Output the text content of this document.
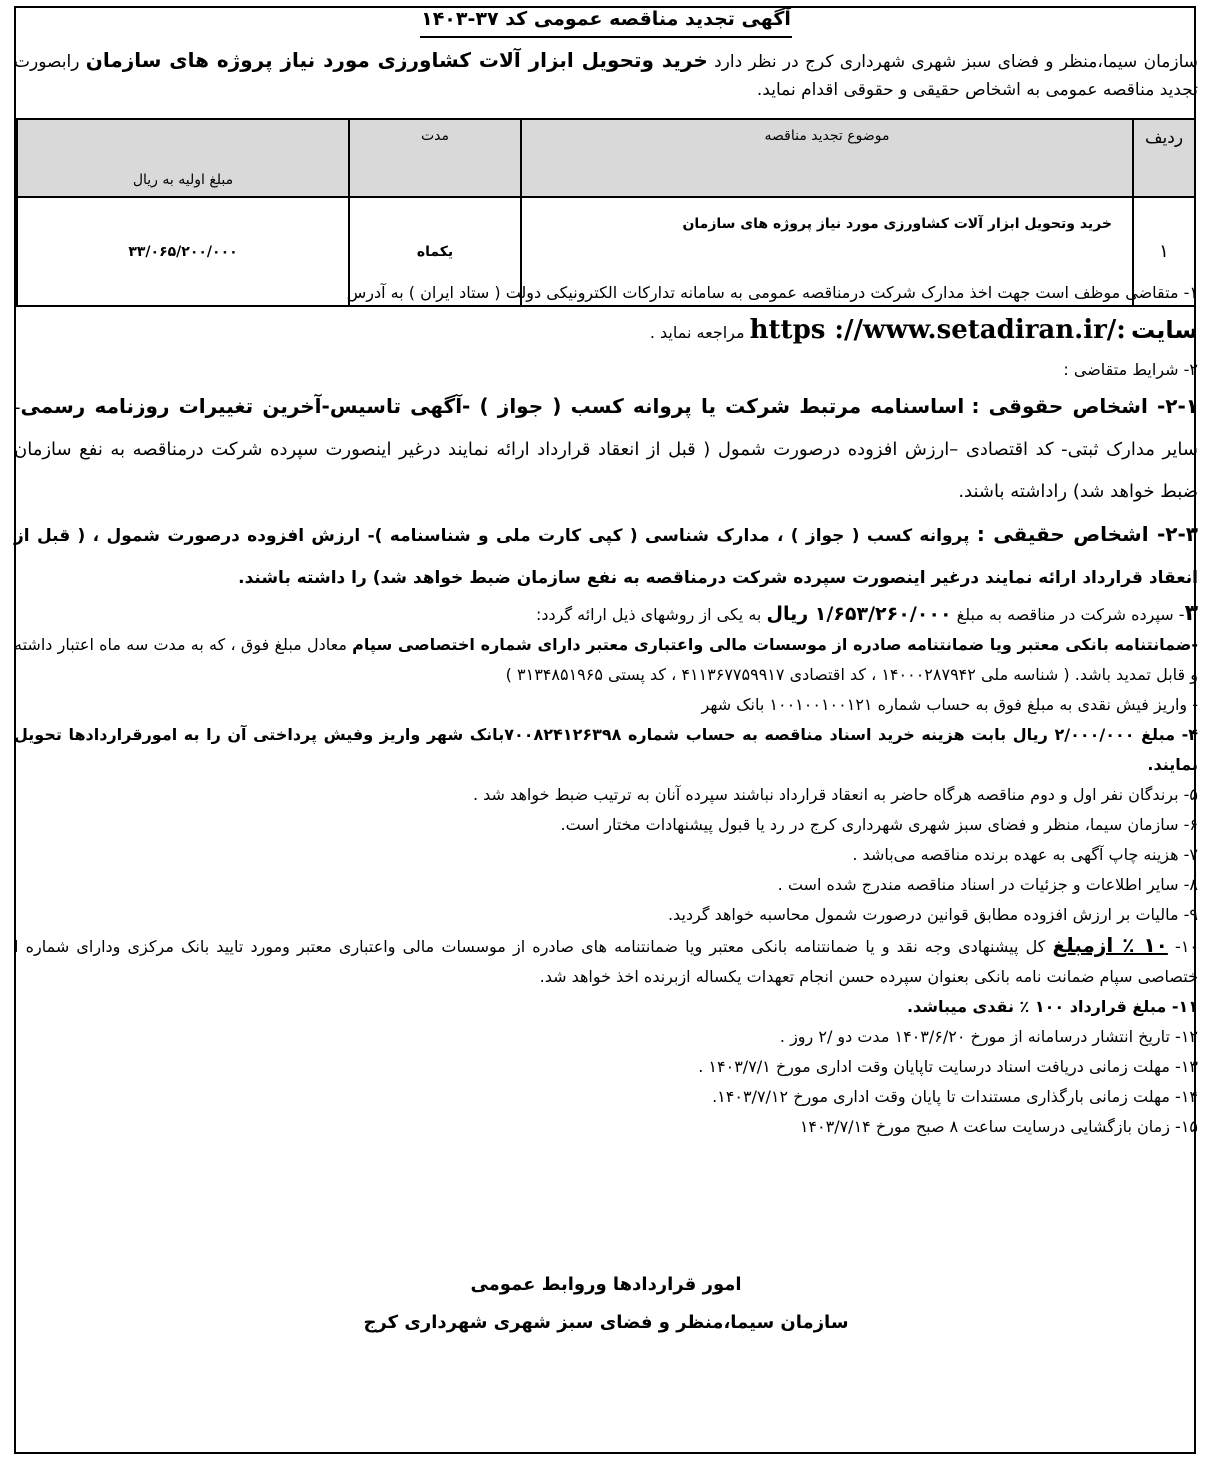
آگهی تجدید مناقصه عمومی کد ۳۷-۱۴۰۳
سازمان سیما،منظر و فضای سبز شهری شهرداری کرج در نظر دارد خرید وتحویل ابزار آلات کشاورزی مورد نیاز پروژه های سازمان رابصورت تجدید مناقصه عمومی به اشخاص حقیقی و حقوقی اقدام نماید.
ردیف	موضوع تجدید مناقصه	مدت	مبلغ اولیه به ریال
۱	خرید وتحویل ابزار آلات کشاورزی مورد نیاز پروژه های سازمان	یکماه	۳۳/۰۶۵/۲۰۰/۰۰۰

۱- متقاضی موظف است جهت اخذ مدارک شرکت درمناقصه عمومی به سامانه تدارکات الکترونیکی دولت ( ستاد ایران ) به آدرس

سایت https ://www.setadiran.ir/: مراجعه نماید .

۲- شرایط متقاضی :

۲-۱- اشخاص حقوقی : اساسنامه مرتبط شرکت یا پروانه کسب ( جواز ) -آگهی تاسیس-آخرین تغییرات روزنامه رسمی- سایر مدارک ثبتی- کد اقتصادی –ارزش افزوده درصورت شمول ( قبل از انعقاد قرارداد ارائه نمایند درغیر اینصورت سپرده شرکت درمناقصه به نفع سازمان ضبط خواهد شد) راداشته باشند.

۲-۳- اشخاص حقیقی : پروانه کسب ( جواز ) ، مدارک شناسی ( کپی کارت ملی و شناسنامه )- ارزش افزوده درصورت شمول ، ( قبل از انعقاد قرارداد ارائه نمایند درغیر اینصورت سپرده شرکت درمناقصه به نفع سازمان ضبط خواهد شد) را داشته باشند.

۳- سپرده شرکت در مناقصه به مبلغ ۱/۶۵۳/۲۶۰/۰۰۰ ریال به یکی از روشهای ذیل ارائه گردد:

-ضمانتنامه بانکی معتبر ویا ضمانتنامه صادره از موسسات مالی واعتباری معتبر دارای شماره اختصاصی سپام معادل مبلغ فوق ، که به مدت سه ماه اعتبار داشته و قابل تمدید باشد. ( شناسه ملی ۱۴۰۰۰۲۸۷۹۴۲ ، کد اقتصادی ۴۱۱۳۶۷۷۵۹۹۱۷ ، کد پستی ۳۱۳۴۸۵۱۹۶۵ )

- واریز فیش نقدی به مبلغ فوق به حساب شماره ۱۰۰۱۰۰۱۰۰۱۲۱ بانک شهر

۴- مبلغ ۲/۰۰۰/۰۰۰ ریال بابت هزینه خرید اسناد مناقصه به حساب شماره ۷۰۰۸۲۴۱۲۶۳۹۸بانک شهر واریز وفیش پرداختی آن را به امورقراردادها تحویل نمایند.

۵- برندگان نفر اول و دوم مناقصه هرگاه حاضر به انعقاد قرارداد نباشند سپرده آنان به ترتیب ضبط خواهد شد .

۶- سازمان سیما، منظر و فضای سبز شهری شهرداری کرج در رد یا قبول پیشنهادات مختار است.

۷- هزینه چاپ آگهی به عهده برنده مناقصه می‌باشد .

۸- سایر اطلاعات و جزئیات در اسناد مناقصه مندرج شده است .

۹- مالیات بر ارزش افزوده مطابق قوانین درصورت شمول محاسبه خواهد گردید.

۱۰- ۱۰ ٪ ازمبلغ کل پیشنهادی وجه نقد و یا ضمانتنامه بانکی معتبر ویا ضمانتنامه های صادره از موسسات مالی واعتباری معتبر ومورد تایید بانک مرکزی ودارای شماره ا ختصاصی سپام ضمانت نامه بانکی بعنوان سپرده حسن انجام تعهدات یکساله ازبرنده اخذ خواهد شد.

۱۱- مبلغ قرارداد ۱۰۰ ٪ نقدی میباشد.

۱۲- تاریخ انتشار درسامانه از مورخ ۱۴۰۳/۶/۲۰ مدت دو /۲ روز .

۱۳- مهلت زمانی دریافت اسناد درسایت تاپایان وقت اداری مورخ ۱۴۰۳/۷/۱ .

۱۴- مهلت زمانی بارگذاری مستندات تا پایان وقت اداری مورخ ۱۴۰۳/۷/۱۲.

۱۵- زمان بازگشایی درسایت ساعت ۸ صبح مورخ ۱۴۰۳/۷/۱۴

امور قراردادها وروابط عمومی
سازمان سیما،منظر و فضای سبز شهری شهرداری کرج
